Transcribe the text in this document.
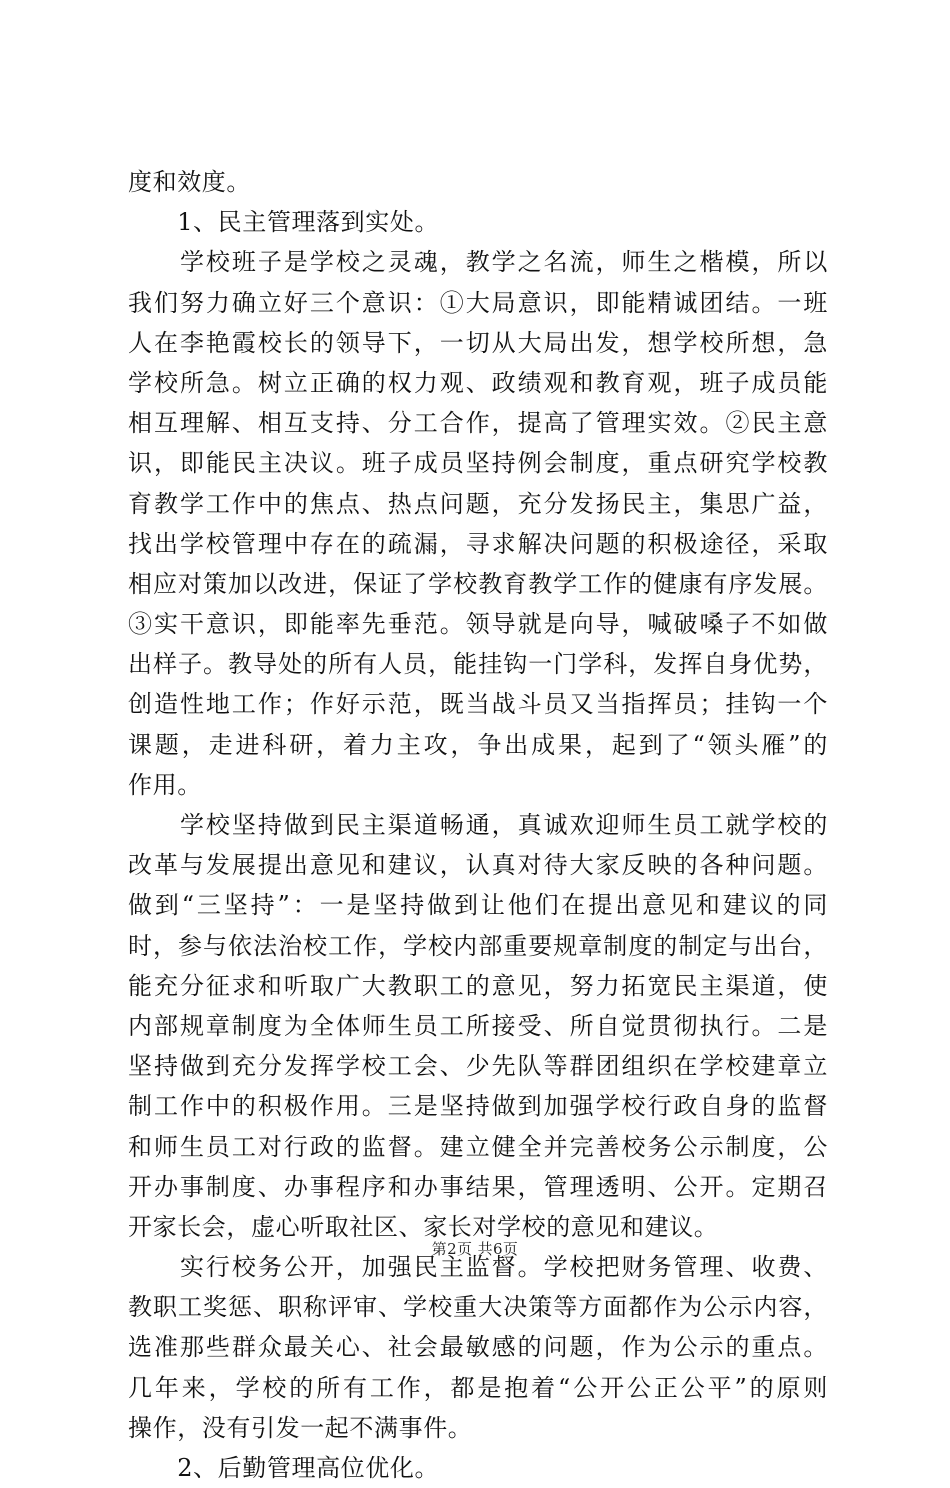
度和效度。
　　1、民主管理落到实处。
　　学校班子是学校之灵魂，教学之名流，师生之楷模，所以
我们努力确立好三个意识：①大局意识，即能精诚团结。一班
人在李艳霞校长的领导下，一切从大局出发，想学校所想，急
学校所急。树立正确的权力观、政绩观和教育观，班子成员能
相互理解、相互支持、分工合作，提高了管理实效。②民主意
识，即能民主决议。班子成员坚持例会制度，重点研究学校教
育教学工作中的焦点、热点问题，充分发扬民主，集思广益，
找出学校管理中存在的疏漏，寻求解决问题的积极途径，采取
相应对策加以改进，保证了学校教育教学工作的健康有序发展。
③实干意识，即能率先垂范。领导就是向导，喊破嗓子不如做
出样子。教导处的所有人员，能挂钩一门学科，发挥自身优势，
创造性地工作；作好示范，既当战斗员又当指挥员；挂钩一个
课题，走进科研，着力主攻，争出成果，起到了“领头雁”的
作用。
　　学校坚持做到民主渠道畅通，真诚欢迎师生员工就学校的
改革与发展提出意见和建议，认真对待大家反映的各种问题。
做到“三坚持”：一是坚持做到让他们在提出意见和建议的同
时，参与依法治校工作，学校内部重要规章制度的制定与出台，
能充分征求和听取广大教职工的意见，努力拓宽民主渠道，使
内部规章制度为全体师生员工所接受、所自觉贯彻执行。二是
坚持做到充分发挥学校工会、少先队等群团组织在学校建章立
制工作中的积极作用。三是坚持做到加强学校行政自身的监督
和师生员工对行政的监督。建立健全并完善校务公示制度，公
开办事制度、办事程序和办事结果，管理透明、公开。定期召
开家长会，虚心听取社区、家长对学校的意见和建议。
　　实行校务公开，加强民主监督。学校把财务管理、收费、
教职工奖惩、职称评审、学校重大决策等方面都作为公示内容，
选准那些群众最关心、社会最敏感的问题，作为公示的重点。
几年来，学校的所有工作，都是抱着“公开公正公平”的原则
操作，没有引发一起不满事件。
　　2、后勤管理高位优化。
第2页 共6页
